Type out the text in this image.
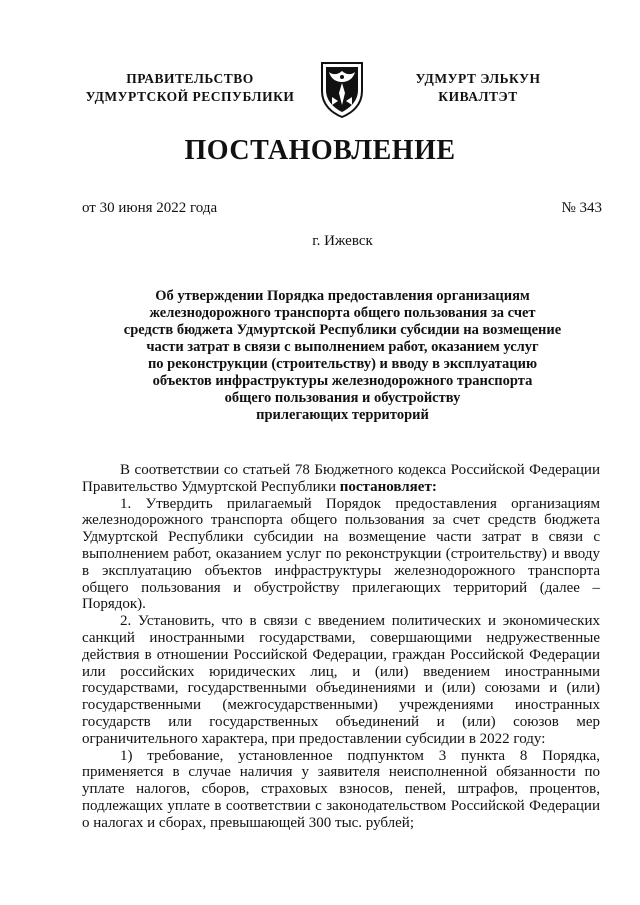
ПРАВИТЕЛЬСТВО
УДМУРТСКОЙ РЕСПУБЛИКИ
УДМУРТ ЭЛЬКУН
КИВАЛТЭТ
ПОСТАНОВЛЕНИЕ
от 30 июня 2022 года	№ 343
г. Ижевск
Об утверждении Порядка предоставления организациям
железнодорожного транспорта общего пользования за счет
средств бюджета Удмуртской Республики субсидии на возмещение
части затрат в связи с выполнением работ, оказанием услуг
по реконструкции (строительству) и вводу в эксплуатацию
объектов инфраструктуры железнодорожного транспорта
общего пользования и обустройству
прилегающих территорий

В соответствии со статьей 78 Бюджетного кодекса Российской Федерации Правительство Удмуртской Республики постановляет:

1. Утвердить прилагаемый Порядок предоставления организациям железнодорожного транспорта общего пользования за счет средств бюджета Удмуртской Республики субсидии на возмещение части затрат в связи с выполнением работ, оказанием услуг по реконструкции (строительству) и вводу в эксплуатацию объектов инфраструктуры железнодорожного транспорта общего пользования и обустройству прилегающих территорий (далее – Порядок).

2. Установить, что в связи с введением политических и экономических санкций иностранными государствами, совершающими недружественные действия в отношении Российской Федерации, граждан Российской Федерации или российских юридических лиц, и (или) введением иностранными государствами, государственными объединениями и (или) союзами и (или) государственными (межгосударственными) учреждениями иностранных государств или государственных объединений и (или) союзов мер ограничительного характера, при предоставлении субсидии в 2022 году:

1) требование, установленное подпунктом 3 пункта 8 Порядка, применяется в случае наличия у заявителя неисполненной обязанности по уплате налогов, сборов, страховых взносов, пеней, штрафов, процентов, подлежащих уплате в соответствии с законодательством Российской Федерации о налогах и сборах, превышающей 300 тыс. рублей;
